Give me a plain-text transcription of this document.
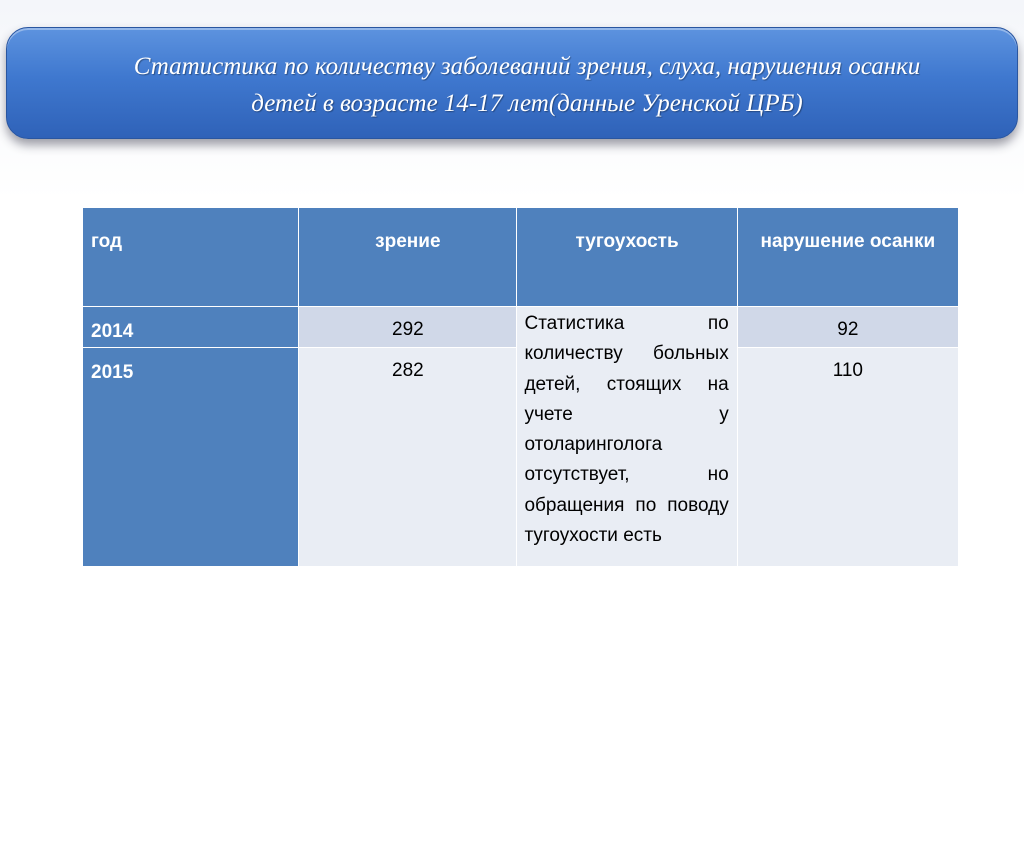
Статистика по количеству заболеваний зрения, слуха, нарушения осанки
детей в возрасте 14-17 лет(данные Уренской ЦРБ)
год	зрение	тугоухость	нарушение осанки
2014	292	Статистика по количеству больных детей, стоящих на учете у отоларинголога отсутствует, но обращения по поводу тугоухости есть	92
2015	282		110
